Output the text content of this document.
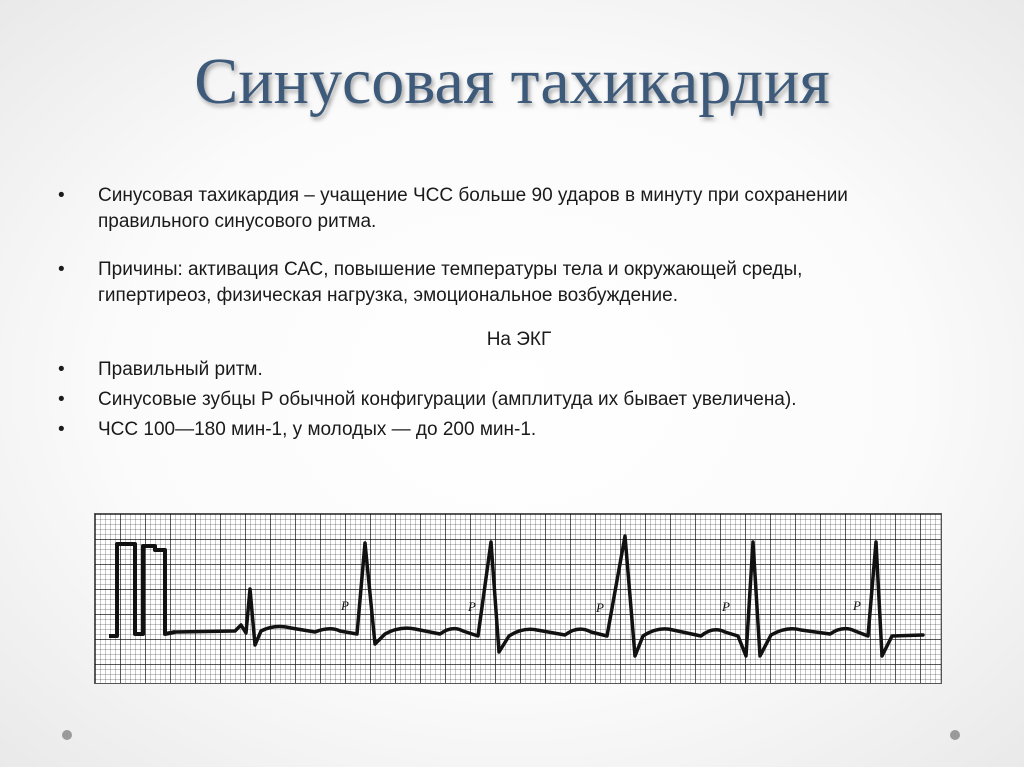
Синусовая тахикардия
• Синусовая тахикардия – учащение ЧСС больше 90 ударов в минуту при сохранении
правильного синусового ритма.
• Причины: активация САС, повышение температуры тела и окружающей среды,
гипертиреоз, физическая нагрузка, эмоциональное возбуждение.
На ЭКГ
• Правильный ритм.
• Синусовые зубцы Р обычной конфигурации (амплитуда их бывает увеличена).
• ЧСС 100—180 мин-1, у молодых — до 200 мин-1.
P	P	P	P	P
